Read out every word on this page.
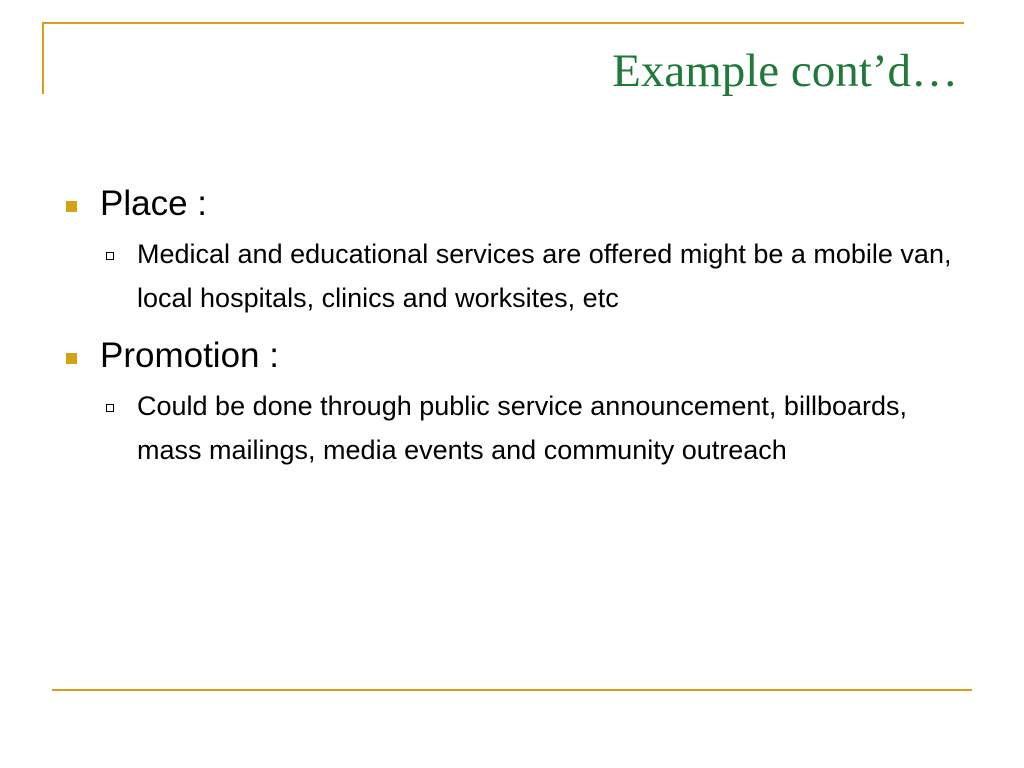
Example cont’d…
Place :
Medical and educational services are offered might be a mobile van, local hospitals, clinics and worksites, etc
Promotion :
Could be done through public service announcement, billboards, mass mailings, media events and community outreach
